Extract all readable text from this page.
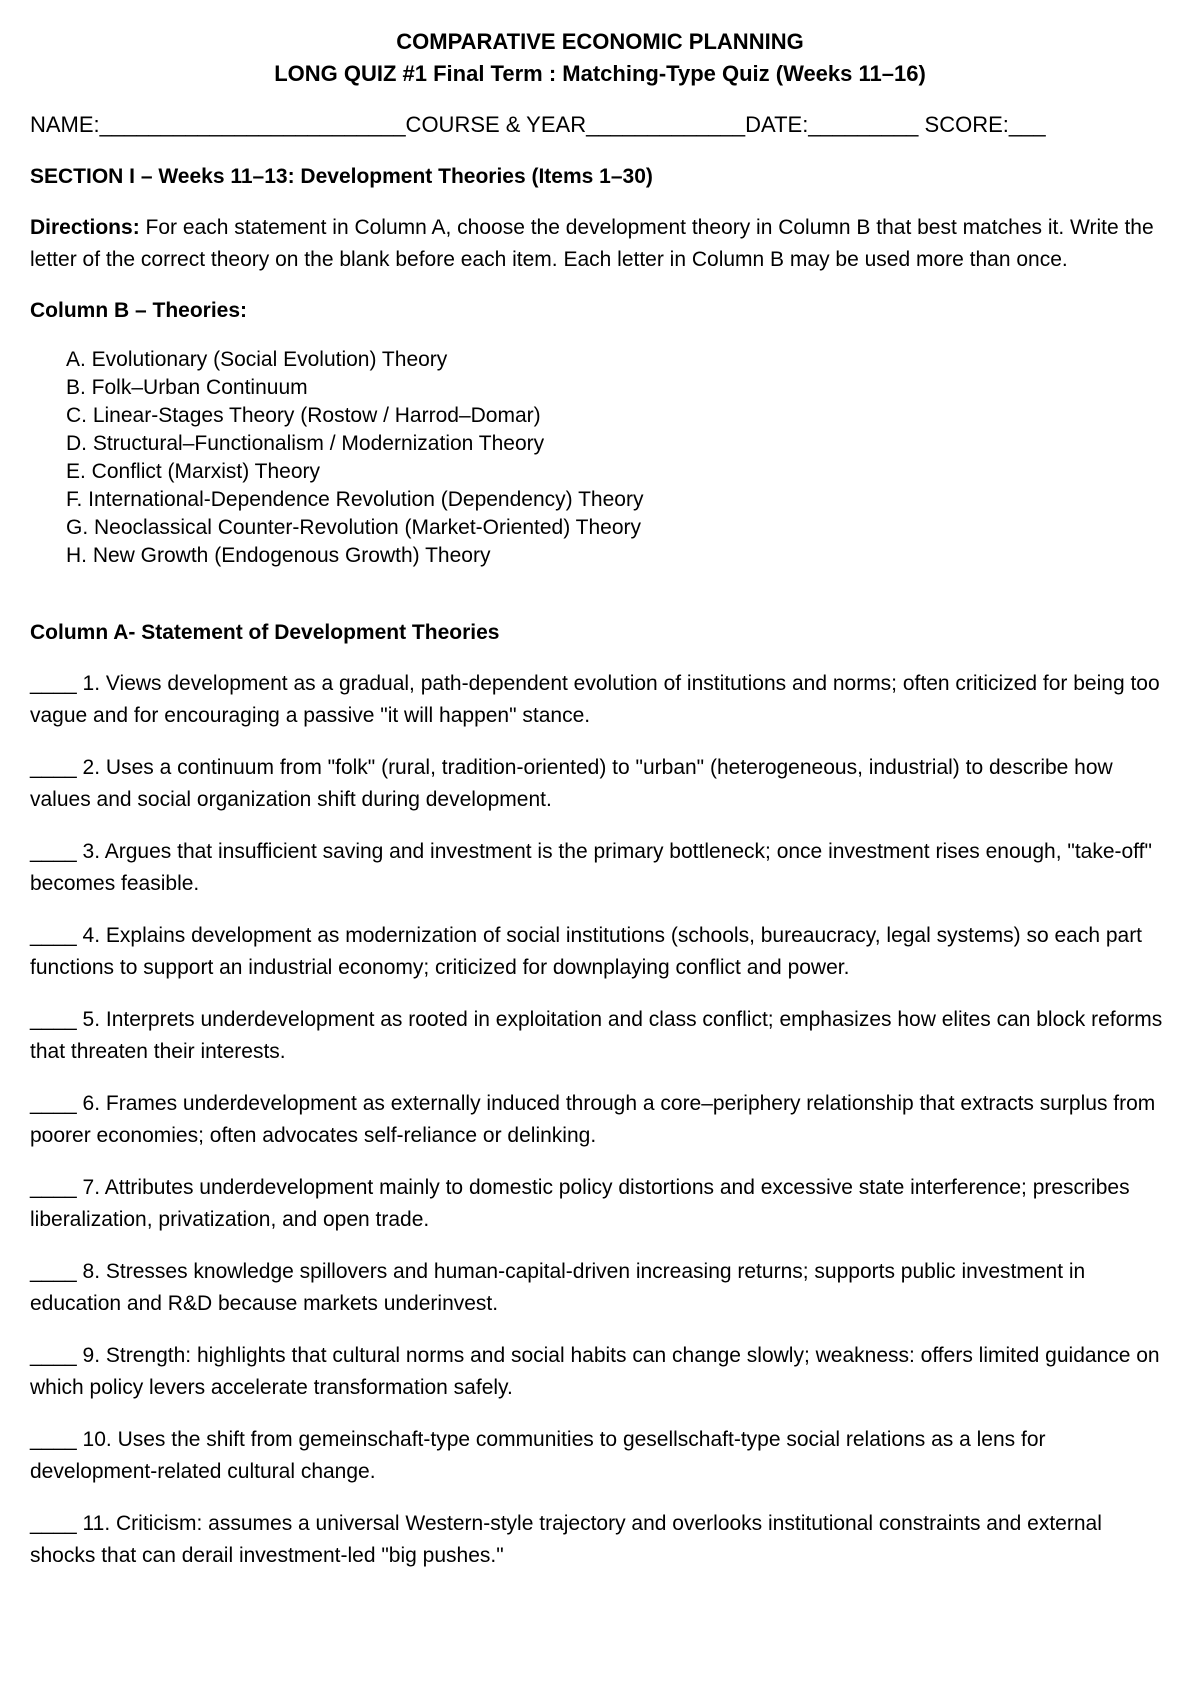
COMPARATIVE ECONOMIC PLANNING
LONG QUIZ #1 Final Term : Matching-Type Quiz (Weeks 11–16)
NAME:_________________________COURSE & YEAR_____________DATE:_________ SCORE:___
SECTION I – Weeks 11–13: Development Theories (Items 1–30)
Directions: For each statement in Column A, choose the development theory in Column B that best matches it. Write the letter of the correct theory on the blank before each item. Each letter in Column B may be used more than once.
Column B – Theories:
A. Evolutionary (Social Evolution) Theory
B. Folk–Urban Continuum
C. Linear-Stages Theory (Rostow / Harrod–Domar)
D. Structural–Functionalism / Modernization Theory
E. Conflict (Marxist) Theory
F. International-Dependence Revolution (Dependency) Theory
G. Neoclassical Counter-Revolution (Market-Oriented) Theory
H. New Growth (Endogenous Growth) Theory
Column A- Statement of Development Theories
____ 1. Views development as a gradual, path-dependent evolution of institutions and norms; often criticized for being too vague and for encouraging a passive "it will happen" stance.
____ 2. Uses a continuum from "folk" (rural, tradition-oriented) to "urban" (heterogeneous, industrial) to describe how values and social organization shift during development.
____ 3. Argues that insufficient saving and investment is the primary bottleneck; once investment rises enough, "take-off" becomes feasible.
____ 4. Explains development as modernization of social institutions (schools, bureaucracy, legal systems) so each part functions to support an industrial economy; criticized for downplaying conflict and power.
____ 5. Interprets underdevelopment as rooted in exploitation and class conflict; emphasizes how elites can block reforms that threaten their interests.
____ 6. Frames underdevelopment as externally induced through a core–periphery relationship that extracts surplus from poorer economies; often advocates self-reliance or delinking.
____ 7. Attributes underdevelopment mainly to domestic policy distortions and excessive state interference; prescribes liberalization, privatization, and open trade.
____ 8. Stresses knowledge spillovers and human-capital-driven increasing returns; supports public investment in education and R&D because markets underinvest.
____ 9. Strength: highlights that cultural norms and social habits can change slowly; weakness: offers limited guidance on which policy levers accelerate transformation safely.
____ 10. Uses the shift from gemeinschaft-type communities to gesellschaft-type social relations as a lens for development-related cultural change.
____ 11. Criticism: assumes a universal Western-style trajectory and overlooks institutional constraints and external shocks that can derail investment-led "big pushes."
